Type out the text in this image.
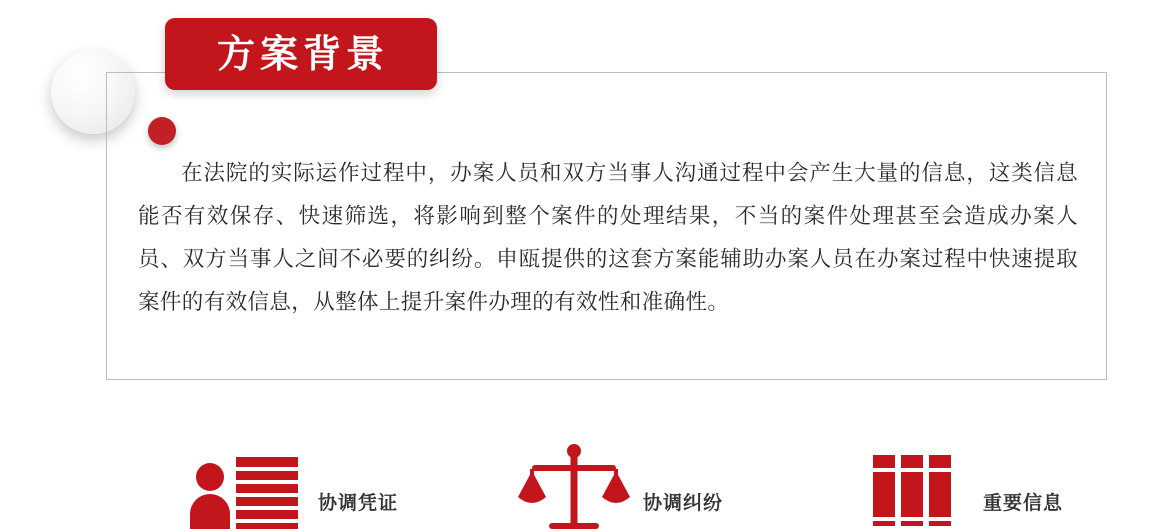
方案背景

在法院的实际运作过程中，办案人员和双方当事人沟通过程中会产生大量的信息，这类信息能否有效保存、快速筛选，将影响到整个案件的处理结果，不当的案件处理甚至会造成办案人员、双方当事人之间不必要的纠纷。申瓯提供的这套方案能辅助办案人员在办案过程中快速提取案件的有效信息，从整体上提升案件办理的有效性和准确性。

协调凭证	协调纠纷	重要信息
